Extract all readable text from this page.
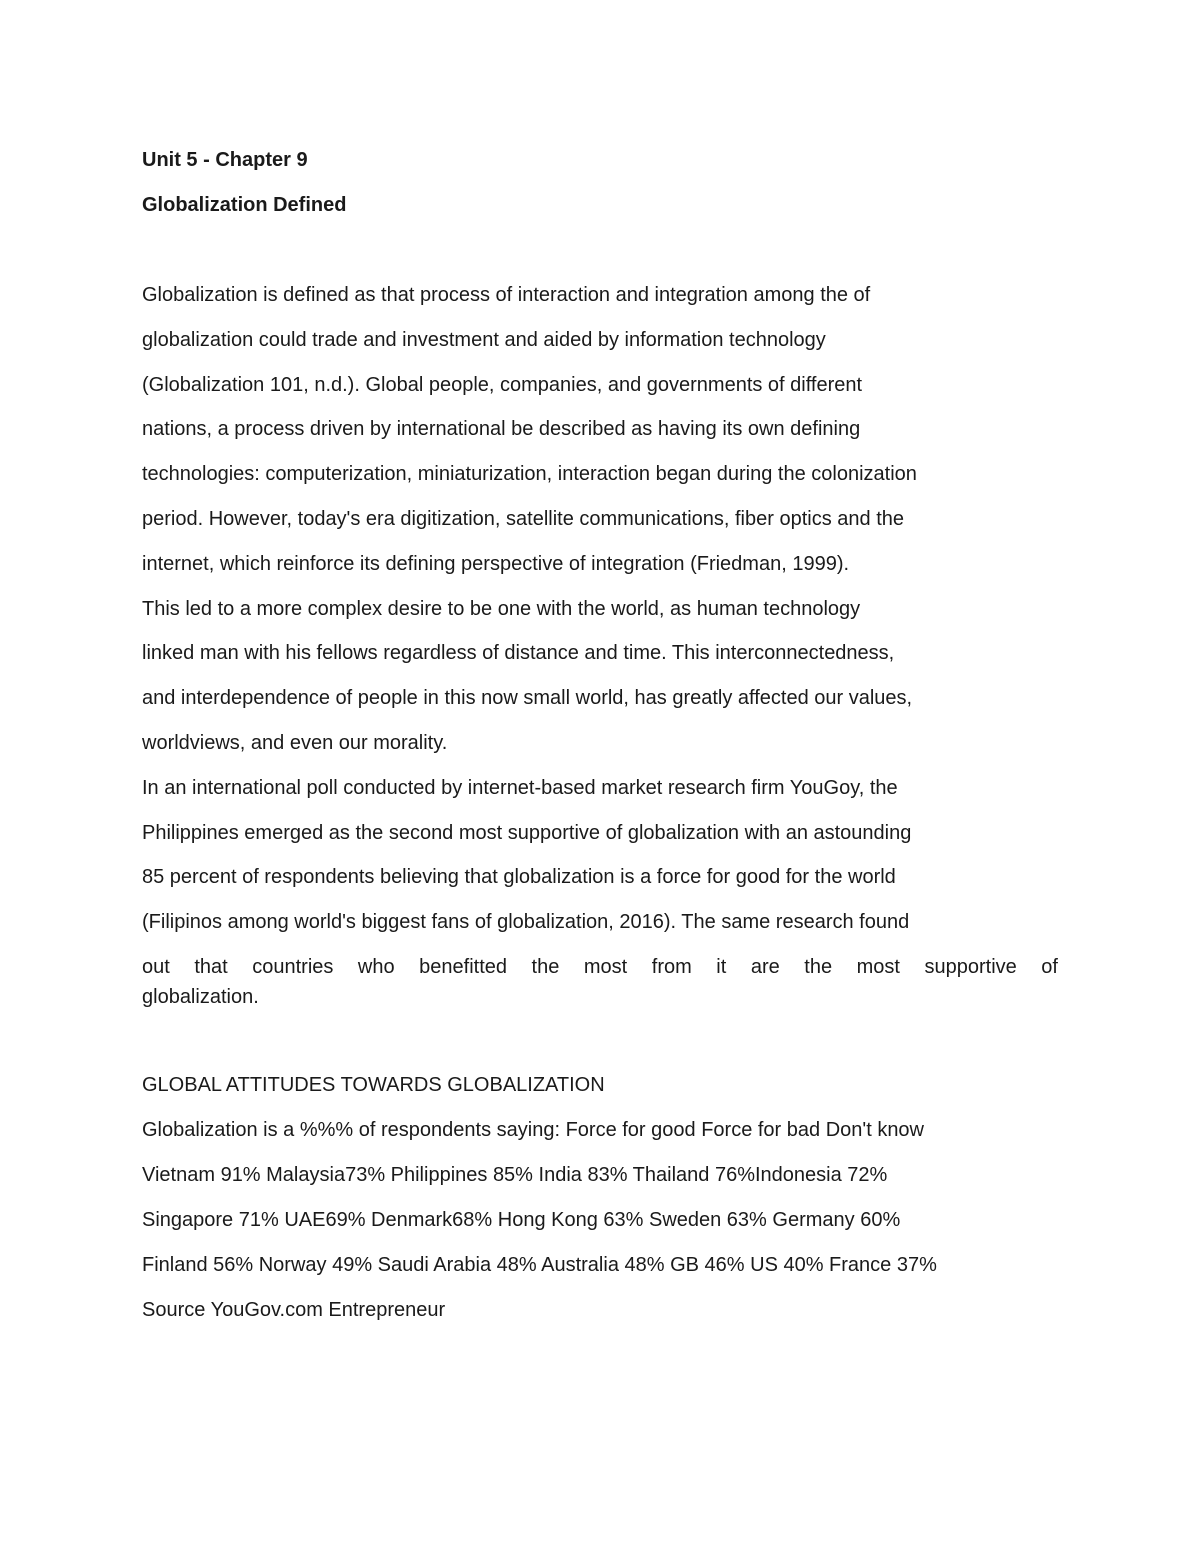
Unit 5 - Chapter 9

Globalization Defined

Globalization is defined as that process of interaction and integration among the of

globalization could trade and investment and aided by information technology

(Globalization 101, n.d.). Global people, companies, and governments of different

nations, a process driven by international be described as having its own defining

technologies: computerization, miniaturization, interaction began during the colonization

period. However, today's era digitization, satellite communications, fiber optics and the

internet, which reinforce its defining perspective of integration (Friedman, 1999).

This led to a more complex desire to be one with the world, as human technology

linked man with his fellows regardless of distance and time. This interconnectedness,

and interdependence of people in this now small world, has greatly affected our values,

worldviews, and even our morality.

In an international poll conducted by internet-based market research firm YouGoy, the

Philippines emerged as the second most supportive of globalization with an astounding

85 percent of respondents believing that globalization is a force for good for the world

(Filipinos among world's biggest fans of globalization, 2016). The same research found

out that countries who benefitted the most from it are the most supportive of
globalization.

GLOBAL ATTITUDES TOWARDS GLOBALIZATION

Globalization is a %%% of respondents saying: Force for good Force for bad Don't know

Vietnam 91% Malaysia73% Philippines 85% India 83% Thailand 76%Indonesia 72%

Singapore 71% UAE69% Denmark68% Hong Kong 63% Sweden 63% Germany 60%

Finland 56% Norway 49% Saudi Arabia 48% Australia 48% GB 46% US 40% France 37%

Source YouGov.com Entrepreneur
